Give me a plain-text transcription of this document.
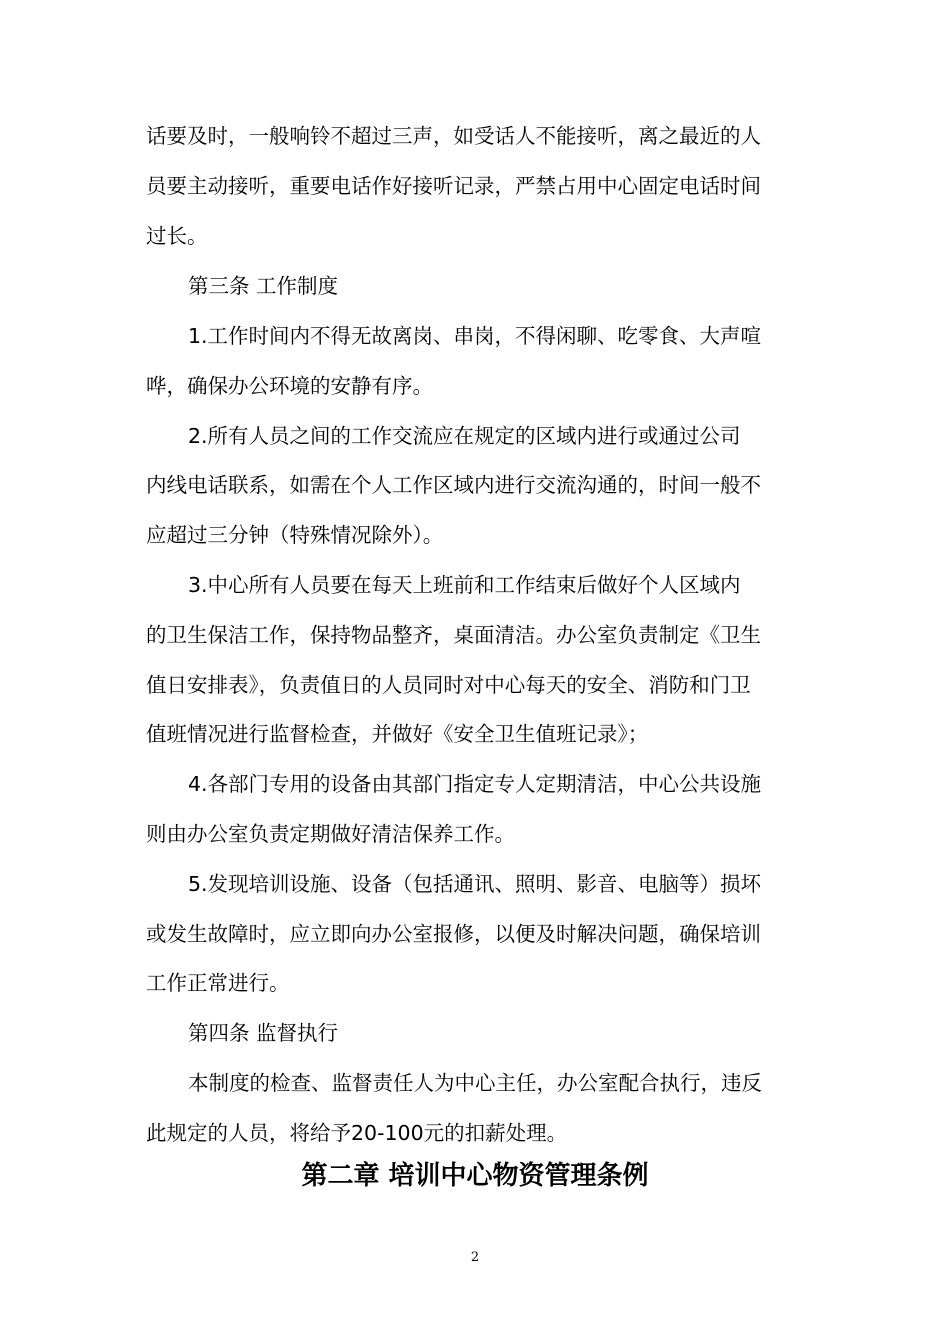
话要及时，一般响铃不超过三声，如受话人不能接听，离之最近的人
员要主动接听，重要电话作好接听记录，严禁占用中心固定电话时间
过长。
第三条 工作制度
1.工作时间内不得无故离岗、串岗，不得闲聊、吃零食、大声喧
哗，确保办公环境的安静有序。
2.所有人员之间的工作交流应在规定的区域内进行或通过公司
内线电话联系，如需在个人工作区域内进行交流沟通的，时间一般不
应超过三分钟（特殊情况除外）。
3.中心所有人员要在每天上班前和工作结束后做好个人区域内
的卫生保洁工作，保持物品整齐，桌面清洁。办公室负责制定《卫生
值日安排表》，负责值日的人员同时对中心每天的安全、消防和门卫
值班情况进行监督检查，并做好《安全卫生值班记录》；
4.各部门专用的设备由其部门指定专人定期清洁，中心公共设施
则由办公室负责定期做好清洁保养工作。
5.发现培训设施、设备（包括通讯、照明、影音、电脑等）损坏
或发生故障时，应立即向办公室报修，以便及时解决问题，确保培训
工作正常进行。
第四条 监督执行
本制度的检查、监督责任人为中心主任，办公室配合执行，违反
此规定的人员，将给予20-100元的扣薪处理。
第二章 培训中心物资管理条例
2
